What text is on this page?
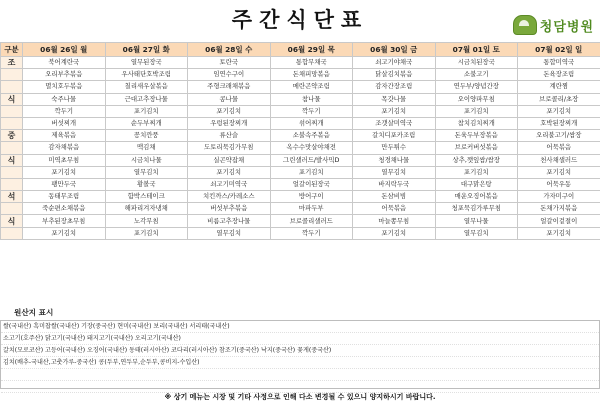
주간식단표	청담병원
구분	06월 26일 월	06월 27일 화	06월 28일 수	06월 29일 목	06월 30일 금	07월 01일 토	07월 02일 일
조	북어계란국	열무된장국	토란국	통합무채국	쇠고기야채국	시금치된장국	통합미역국
	오리부추볶음	우사태단호박조림	임연수구이	돈채피망볶음	닭살김치볶음	소불고기	돈육장조림
	멸치호두볶음	칠리새우살볶음	주형크래채볶음	메란곤약조림	감자간장조림	연두부/양념간장	계란찜
식	숙주나물	근대고추장나물	콩나물	참나물	목갓나물	오이양파무침	브로콜리/초장
	깍두기	포기김치	포기김치	깍두기	포기김치	포기김치	포기김치
	버섯찌개	순두부찌개	우렁된장찌개	섞어찌개	조갯살미역국	참치김치찌개	호박된장찌개
중	제육볶음	꽁치깐풍	류산슬	소불속주볶음	갈치디포카조림	돈육두부장볶음	오리불고기/쌈장
	감자채볶음	맥김채	도토리묵김가무침	옥수수맛살야채전	만두튀수	브로커버섯볶음	어묵볶음
식	미역초무침	시금치나물	실곤약잡채	그린샐러드/발사믹D	청경채나물	상추,깻잎쌈/쌈장	천사채샐러드
	포기김치	열무김치	포기김치	포기김치	열무김치	포기김치	포기김치
	팽만두국	황볼국	쇠고기미역국	얼갈이된장국	바지락두국	대구맑은탕	어묵우동
석	동태무조림	함박스테이크	치킨까스/카레소스	방어구이	돈삼비빔	매운오징어볶음	가자미구이
	죽순편소채볶음	해파리겨자냉채	버섯부추볶음	마파두부	어묵볶음	청포묵김가루무침	돈채가지볶음
식	부추된장초무침	노각무침	비름고추장나물	브로콜리샐러드	마늘쫑무침	열무나물	얼갈이겉절이
	포기김치	포기김치	열무김치	깍두기	포기김치	열무김치	포기김치
원산지 표시
쌀(국내산) 흑미찹쌀(국내산) 기장(중국산) 현미(국내산) 보리(국내산) 서리태(국내산)
소고기(호주산) 닭고기(국내산) 돼지고기(국내산) 오리고기(국내산)
갈치(모로코산) 고등어(국내산) 오징어(국내산) 동태(러시아산) 코다리(러시아산) 참조기(중국산) 낙지(중국산) 꽃게(중국산)
김치(배추-국내산,고춧가루-중국산) 콩(두부,연두부,순두부,콩비지-수입산)
※ 상기 메뉴는 시장 및 기타 사정으로 인해 다소 변경될 수 있으니 양지하시기 바랍니다.
